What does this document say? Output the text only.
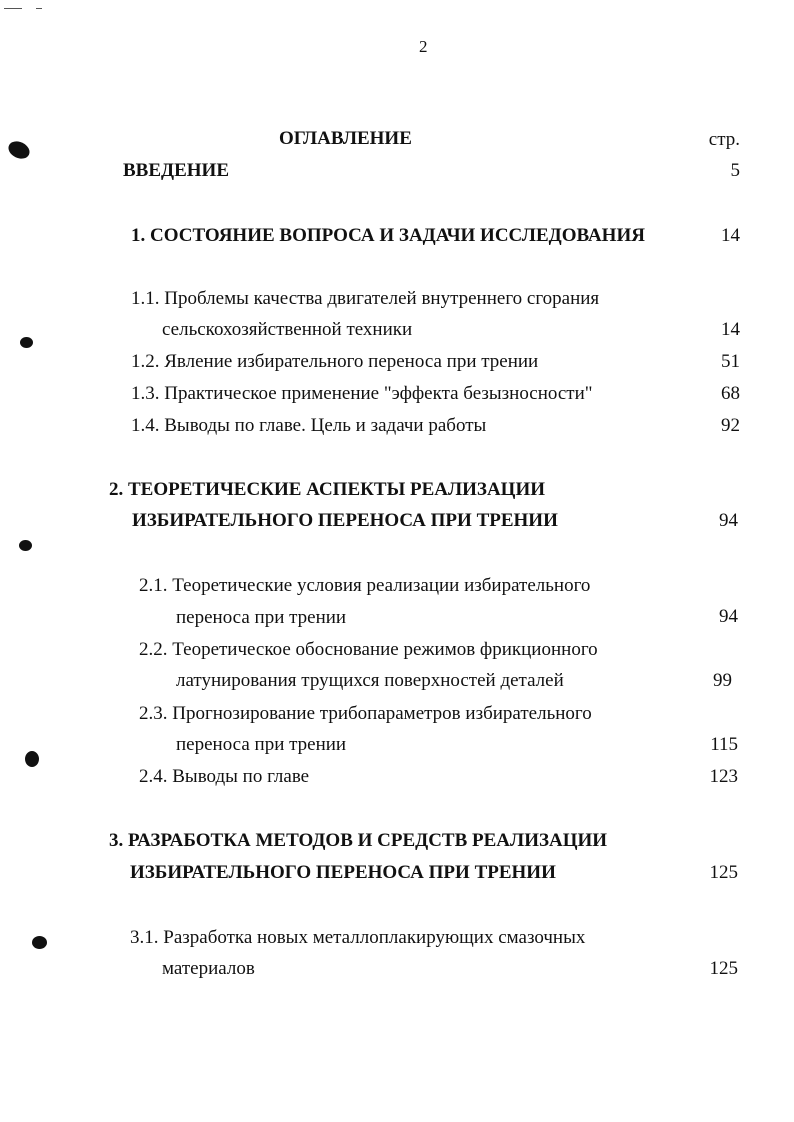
2
ОГЛАВЛЕНИЕ	стр.
ВВЕДЕНИЕ	5
1. СОСТОЯНИЕ ВОПРОСА И ЗАДАЧИ ИССЛЕДОВАНИЯ	14
1.1. Проблемы качества двигателей внутреннего сгорания
сельскохозяйственной техники	14
1.2. Явление избирательного переноса при трении	51
1.3. Практическое применение "эффекта безызносности"	68
1.4. Выводы по главе. Цель и задачи работы	92
2. ТЕОРЕТИЧЕСКИЕ АСПЕКТЫ РЕАЛИЗАЦИИ
ИЗБИРАТЕЛЬНОГО ПЕРЕНОСА ПРИ ТРЕНИИ	94
2.1. Теоретические условия реализации избирательного
переноса при трении	94
2.2. Теоретическое обоснование режимов фрикционного
латунирования трущихся поверхностей деталей	99
2.3. Прогнозирование трибопараметров избирательного
переноса при трении	115
2.4. Выводы по главе	123
3. РАЗРАБОТКА МЕТОДОВ И СРЕДСТВ РЕАЛИЗАЦИИ
ИЗБИРАТЕЛЬНОГО ПЕРЕНОСА ПРИ ТРЕНИИ	125
3.1. Разработка новых металлоплакирующих смазочных
материалов	125
